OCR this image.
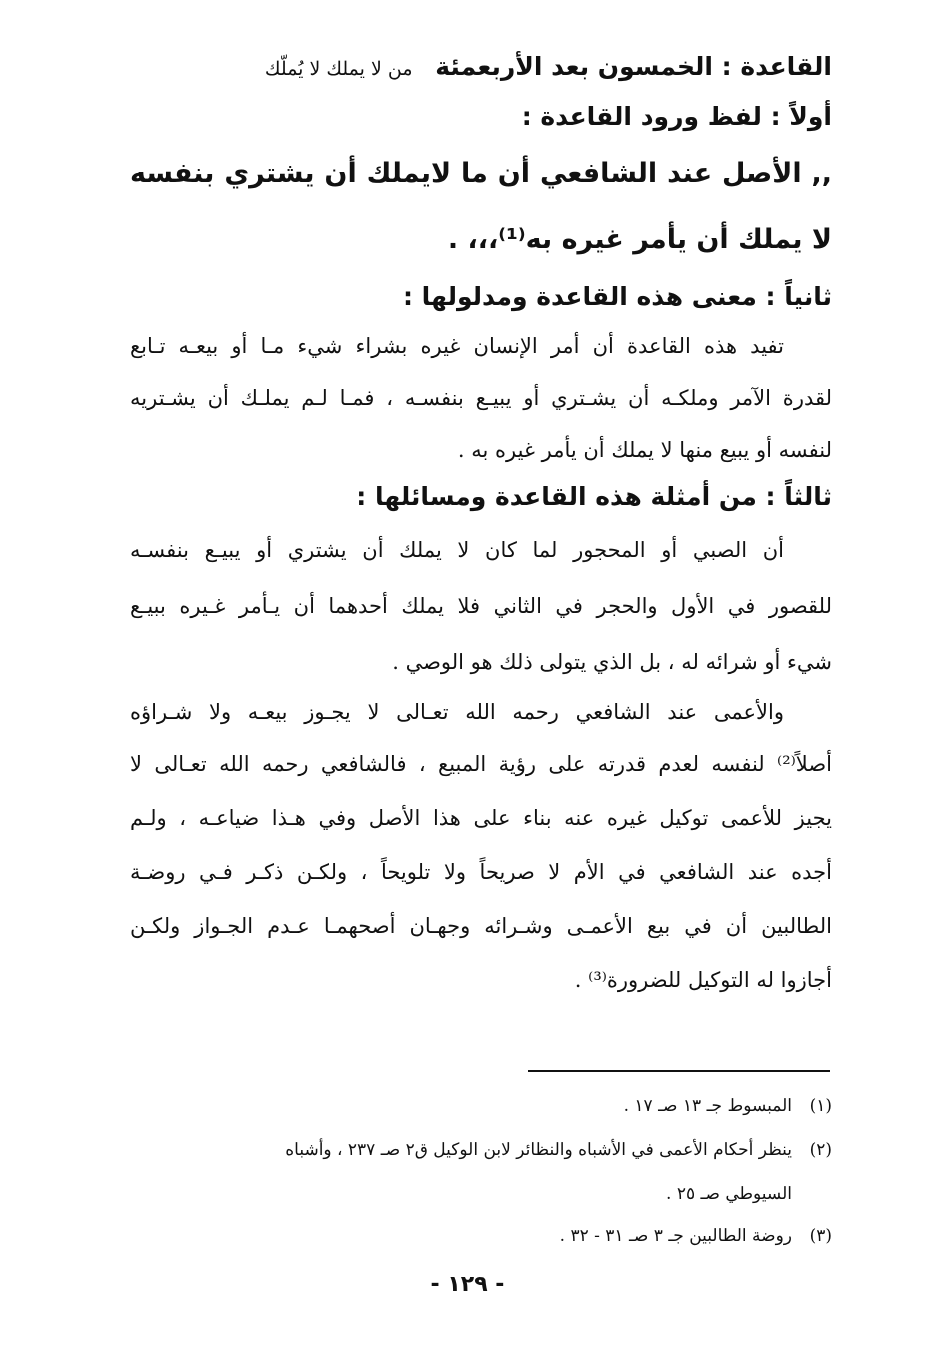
القاعدة : الخمسون بعد الأربعمئة من لا يملك لا يُملّك
أولاً : لفظ ورود القاعدة :
,, الأصل عند الشافعي أن ما لايملك أن يشتري بنفسه
لا يملك أن يأمر غيره به⁽¹⁾،،، .
ثانياً : معنى هذه القاعدة ومدلولها :
تفيد هذه القاعدة أن أمر الإنسان غيره بشراء شيء مـا أو بيعـه تـابع
لقدرة الآمر وملكـه أن يشـتري أو يبيـع بنفسـه ، فمـا لـم يملـك أن يشـتريه
لنفسه أو يبيع منها لا يملك أن يأمر غيره به .
ثالثاً : من أمثلة هذه القاعدة ومسائلها :
أن الصبي أو المحجور لما كان لا يملك أن يشتري أو يبيـع بنفسـه
للقصور في الأول والحجر في الثاني فلا يملك أحدهما أن يـأمر غـيره ببيـع
شيء أو شرائه له ، بل الذي يتولى ذلك هو الوصي .
والأعمى عند الشافعي رحمه الله تعـالى لا يجـوز بيعـه ولا شـراؤه
أصلاً⁽²⁾ لنفسه لعدم قدرته على رؤية المبيع ، فالشافعي رحمه الله تعـالى لا
يجيز للأعمى توكيل غيره عنه بناء على هذا الأصل وفي هـذا ضياعـه ، ولـم
أجده عند الشافعي في الأم لا صريحاً ولا تلويحاً ، ولكـن ذكـر فـي روضـة
الطالبين أن في بيع الأعمـى وشـرائه وجهـان أصحهمـا عـدم الجـواز ولكـن
أجازوا له التوكيل للضرورة⁽³⁾ .
(١)المبسوط جـ ١٣ صـ ١٧ .
(٢)ينظر أحكام الأعمى في الأشباه والنظائر لابن الوكيل ق٢ صـ ٢٣٧ ، وأشباه
السيوطي صـ ٢٥ .
(٣)روضة الطالبين جـ ٣ صـ ٣١ - ٣٢ .
- ١٢٩ -
